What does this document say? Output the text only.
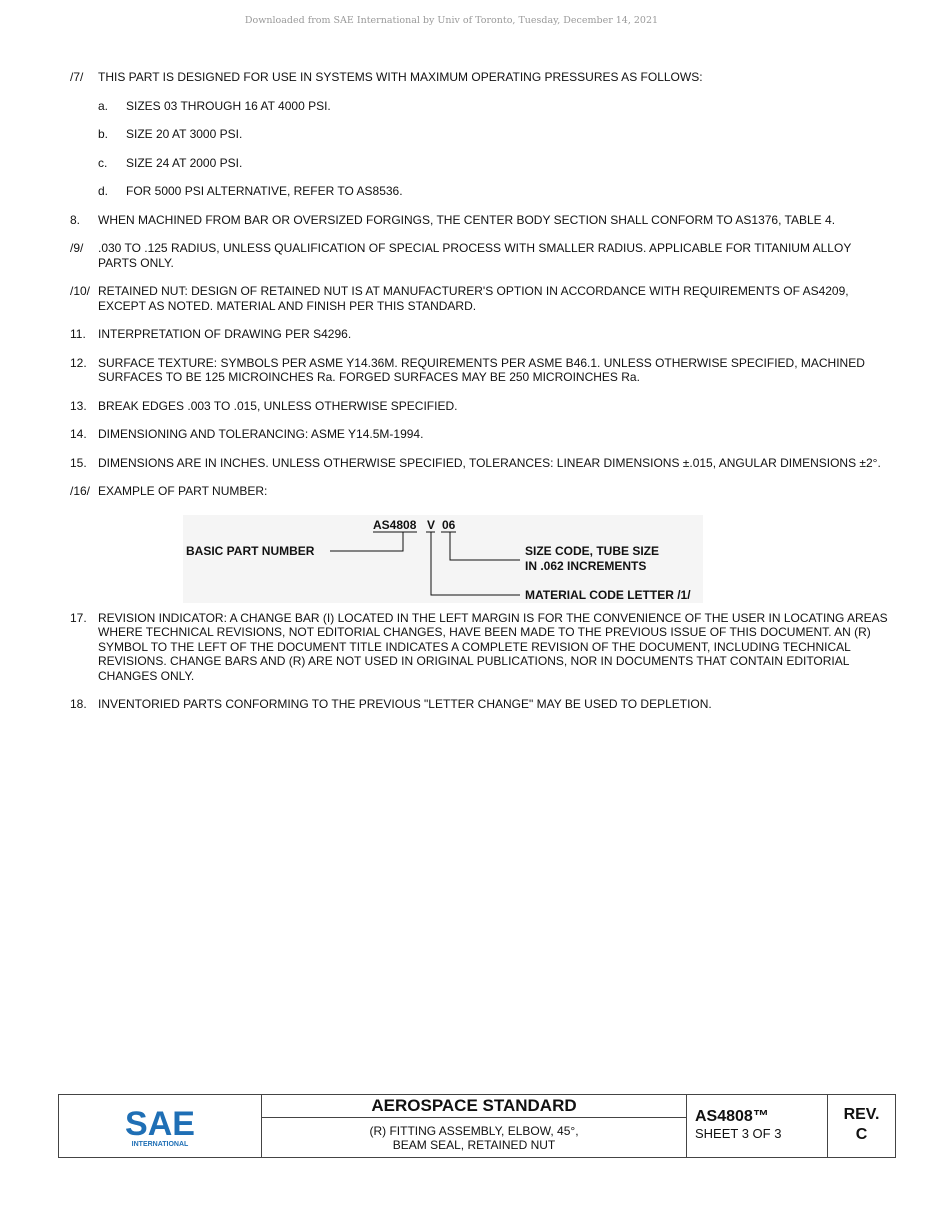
Downloaded from SAE International by Univ of Toronto, Tuesday, December 14, 2021
/7/	THIS PART IS DESIGNED FOR USE IN SYSTEMS WITH MAXIMUM OPERATING PRESSURES AS FOLLOWS:
a.	SIZES 03 THROUGH 16 AT 4000 PSI.
b.	SIZE 20 AT 3000 PSI.
c.	SIZE 24 AT 2000 PSI.
d.	FOR 5000 PSI ALTERNATIVE, REFER TO AS8536.
8.	WHEN MACHINED FROM BAR OR OVERSIZED FORGINGS, THE CENTER BODY SECTION SHALL CONFORM TO AS1376, TABLE 4.
/9/	.030 TO .125 RADIUS, UNLESS QUALIFICATION OF SPECIAL PROCESS WITH SMALLER RADIUS. APPLICABLE FOR TITANIUM ALLOY PARTS ONLY.
/10/ RETAINED NUT: DESIGN OF RETAINED NUT IS AT MANUFACTURER'S OPTION IN ACCORDANCE WITH REQUIREMENTS OF AS4209, EXCEPT AS NOTED. MATERIAL AND FINISH PER THIS STANDARD.
11.	INTERPRETATION OF DRAWING PER S4296.
12. SURFACE TEXTURE: SYMBOLS PER ASME Y14.36M. REQUIREMENTS PER ASME B46.1. UNLESS OTHERWISE SPECIFIED, MACHINED SURFACES TO BE 125 MICROINCHES Ra. FORGED SURFACES MAY BE 250 MICROINCHES Ra.
13. BREAK EDGES .003 TO .015, UNLESS OTHERWISE SPECIFIED.
14. DIMENSIONING AND TOLERANCING: ASME Y14.5M-1994.
15. DIMENSIONS ARE IN INCHES. UNLESS OTHERWISE SPECIFIED, TOLERANCES: LINEAR DIMENSIONS ±.015, ANGULAR DIMENSIONS ±2°.
/16/ EXAMPLE OF PART NUMBER:
AS4808 V 06
BASIC PART NUMBER	SIZE CODE, TUBE SIZE
IN .062 INCREMENTS
MATERIAL CODE LETTER /1/
17. REVISION INDICATOR: A CHANGE BAR (I) LOCATED IN THE LEFT MARGIN IS FOR THE CONVENIENCE OF THE USER IN LOCATING AREAS WHERE TECHNICAL REVISIONS, NOT EDITORIAL CHANGES, HAVE BEEN MADE TO THE PREVIOUS ISSUE OF THIS DOCUMENT. AN (R) SYMBOL TO THE LEFT OF THE DOCUMENT TITLE INDICATES A COMPLETE REVISION OF THE DOCUMENT, INCLUDING TECHNICAL REVISIONS. CHANGE BARS AND (R) ARE NOT USED IN ORIGINAL PUBLICATIONS, NOR IN DOCUMENTS THAT CONTAIN EDITORIAL CHANGES ONLY.
18. INVENTORIED PARTS CONFORMING TO THE PREVIOUS "LETTER CHANGE" MAY BE USED TO DEPLETION.
SAE
INTERNATIONAL
AEROSPACE STANDARD
(R) FITTING ASSEMBLY, ELBOW, 45°,
BEAM SEAL, RETAINED NUT
AS4808™
SHEET 3 OF 3
REV.
C
